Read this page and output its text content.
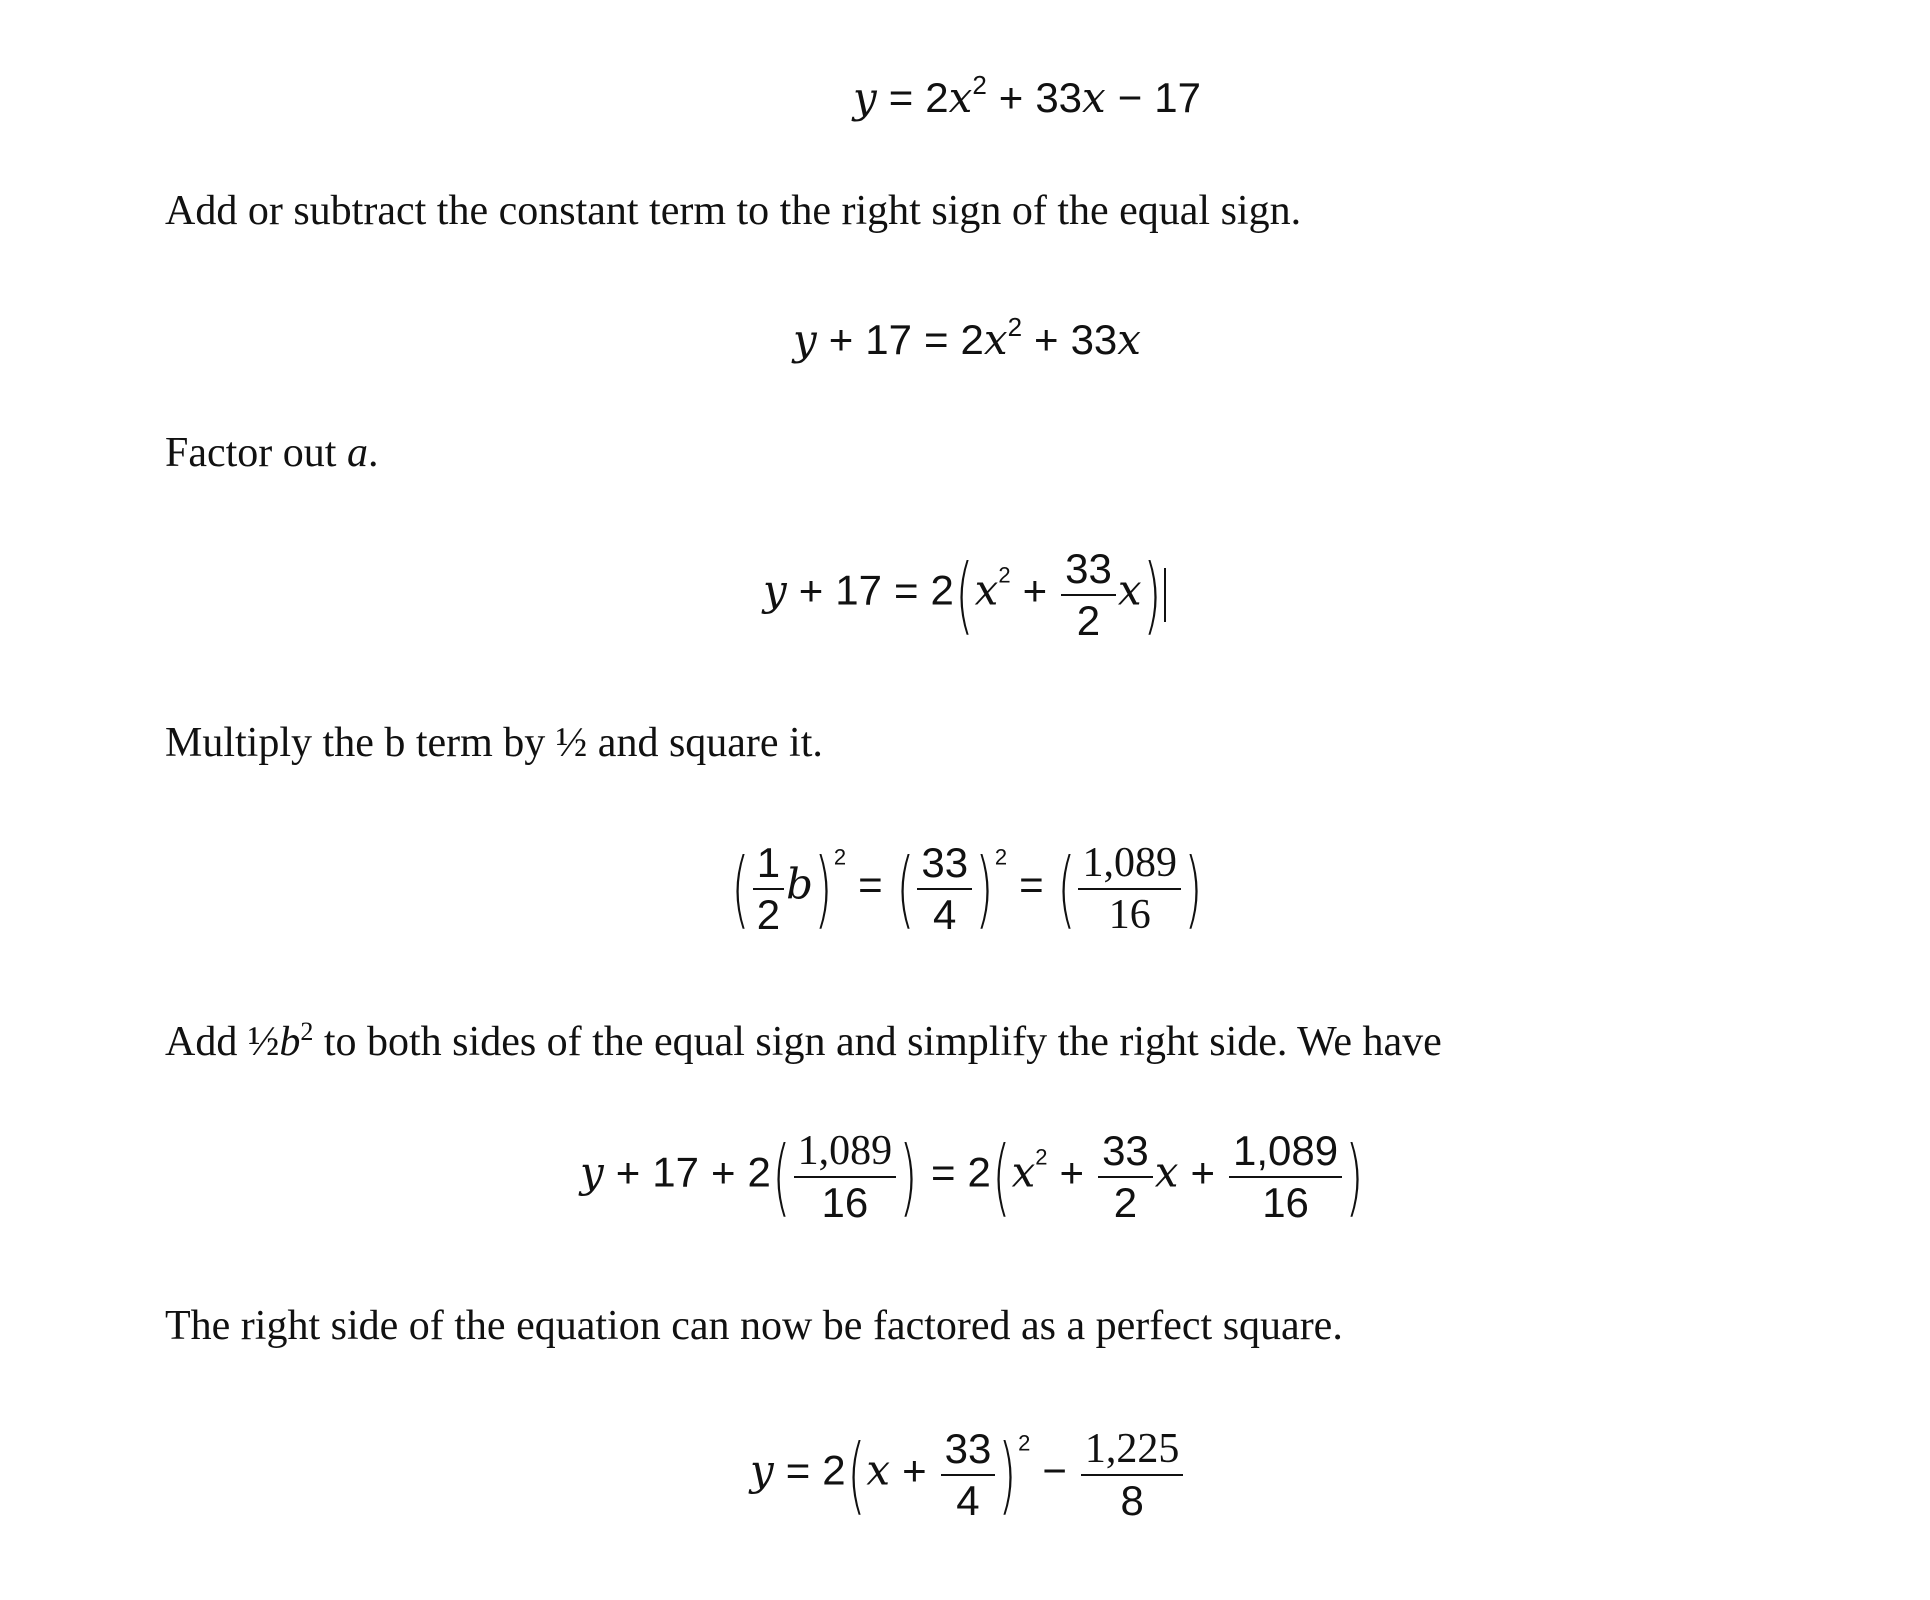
$y = 2x^2 + 33x - 17$
Add or subtract the constant term to the right sign of the equal sign.
$y + 17 = 2x^2 + 33x$
Factor out a.
$y + 17 = 2(x^2 + \frac{33}{2} x)$
Multiply the b term by ½ and square it.
( $\frac{1}{2} b)^2=$ ( $\frac{33}{4} )^2=$ ( $\frac{1,089}{16}$ )
Add $\frac{1}{2}b^2$ to both sides of the equal sign and simplify the right side. We have
$y + 17 + 2( \frac{1,089}{16}$ ) = $2(x^2 + \frac{33}{2}$ $x + \frac{1,089}{16}$ )
The right side of the equation can now be factored as a perfect square.
$y = 2(x + \frac{33}{4} )^2- \frac{1,225}{8}$
